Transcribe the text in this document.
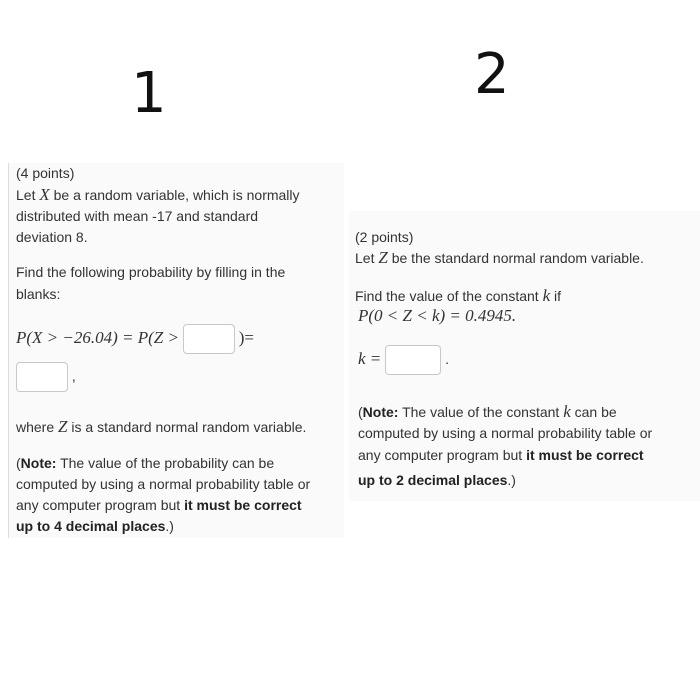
1	2
(4 points)
Let X be a random variable, which is normally
distributed with mean -17 and standard
deviation 8.
Find the following probability by filling in the
blanks:
P(X > −26.04) = P(Z >	)=
,
where Z is a standard normal random variable.
(Note: The value of the probability can be
computed by using a normal probability table or
any computer program but it must be correct
up to 4 decimal places.)
(2 points)
Let Z be the standard normal random variable.
Find the value of the constant k if
P(0 < Z < k) = 0.4945.
k =	.
(Note: The value of the constant k can be
computed by using a normal probability table or
any computer program but it must be correct
up to 2 decimal places.)
